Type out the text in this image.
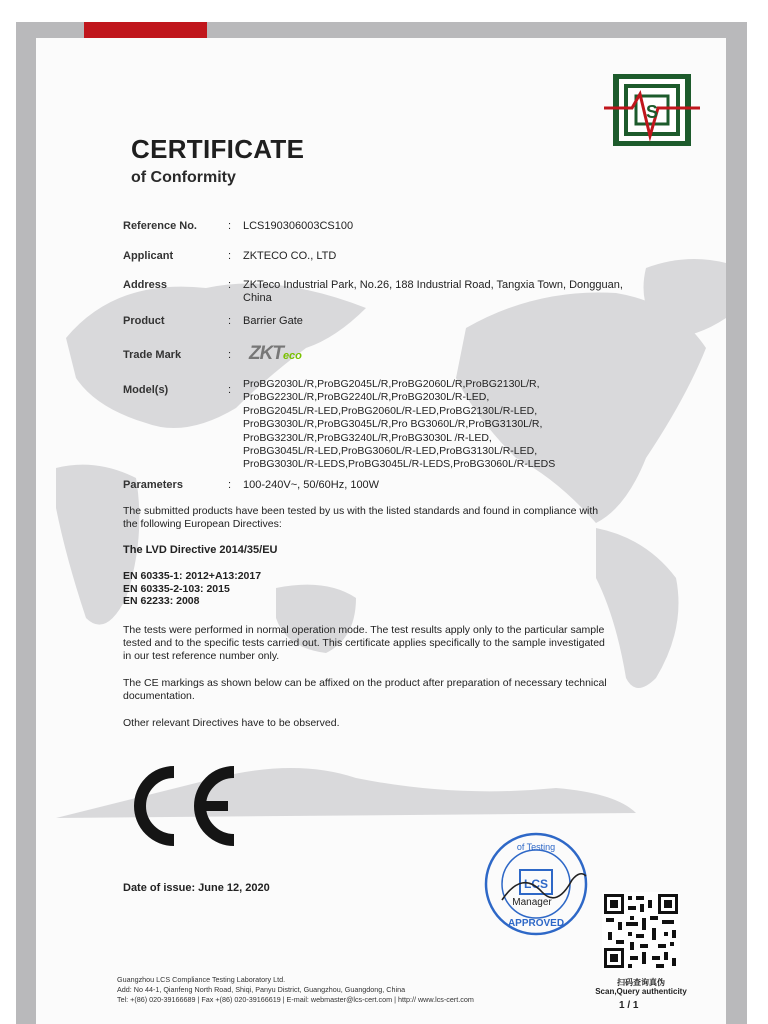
S
CERTIFICATE
of Conformity
Reference No.	: LCS190306003CS100
Applicant	: ZKTECO CO., LTD
Address	: ZKTeco Industrial Park, No.26, 188 Industrial Road, Tangxia Town, Dongguan, China
Product	: Barrier Gate
Trade Mark	: ZKTeco
Model(s)	: ProBG2030L/R,ProBG2045L/R,ProBG2060L/R,ProBG2130L/R,
ProBG2230L/R,ProBG2240L/R,ProBG2030L/R-LED,
ProBG2045L/R-LED,ProBG2060L/R-LED,ProBG2130L/R-LED,
ProBG3030L/R,ProBG3045L/R,Pro BG3060L/R,ProBG3130L/R,
ProBG3230L/R,ProBG3240L/R,ProBG3030L /R-LED,
ProBG3045L/R-LED,ProBG3060L/R-LED,ProBG3130L/R-LED,
ProBG3030L/R-LEDS,ProBG3045L/R-LEDS,ProBG3060L/R-LEDS
Parameters	: 100-240V~, 50/60Hz, 100W
The submitted products have been tested by us with the listed standards and found in compliance with the following European Directives:
The LVD Directive 2014/35/EU
EN 60335-1: 2012+A13:2017
EN 60335-2-103: 2015
EN 62233: 2008
The tests were performed in normal operation mode. The test results apply only to the particular sample tested and to the specific tests carried out. This certificate applies specifically to the sample investigated in our test reference number only.
The CE markings as shown below can be affixed on the product after preparation of necessary technical documentation.
Other relevant Directives have to be observed.
Date of issue: June 12, 2020	LCS
of Testing
APPROVED
Manager
扫码查询真伪
Scan,Query authenticity
1 / 1
Guangzhou LCS Compliance Testing Laboratory Ltd.
Add: No 44-1, Qianfeng North Road, Shiqi, Panyu District, Guangzhou, Guangdong, China
Tel: +(86) 020-39166689 | Fax +(86) 020-39166619 | E-mail: webmaster@lcs-cert.com | http:// www.lcs-cert.com
